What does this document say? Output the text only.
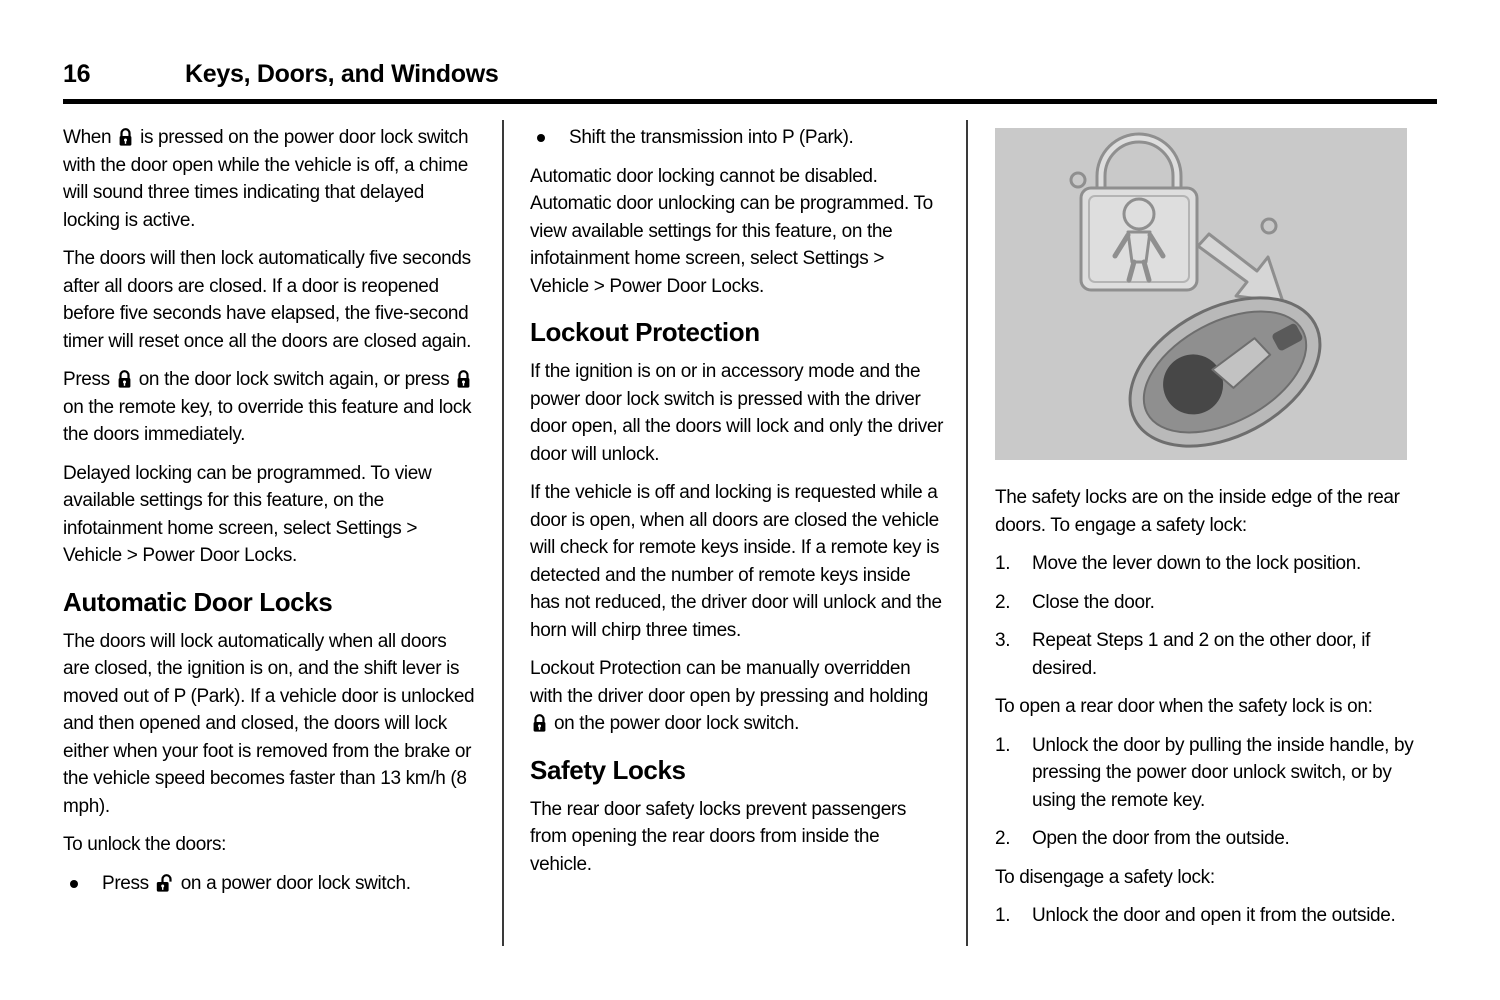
16	Keys, Doors, and Windows

When is pressed on the power door lock switch with the door open while the vehicle is off, a chime will sound three times indicating that delayed locking is active.

The doors will then lock automatically five seconds after all doors are closed. If a door is reopened before five seconds have elapsed, the five-second timer will reset once all the doors are closed again.

Press on the door lock switch again, or press  on the remote key, to override this feature and lock the doors immediately.

Delayed locking can be programmed. To view available settings for this feature, on the infotainment home screen, select Settings > Vehicle > Power Door Locks.

Automatic Door Locks

The doors will lock automatically when all doors are closed, the ignition is on, and the shift lever is moved out of P (Park). If a vehicle door is unlocked and then opened and closed, the doors will lock either when your foot is removed from the brake or the vehicle speed becomes faster than 13 km/h (8 mph).

To unlock the doors:

Press on a power door lock switch.
Shift the transmission into P (Park).

Automatic door locking cannot be disabled. Automatic door unlocking can be programmed. To view available settings for this feature, on the infotainment home screen, select Settings > Vehicle > Power Door Locks.

Lockout Protection

If the ignition is on or in accessory mode and the power door lock switch is pressed with the driver door open, all the doors will lock and only the driver door will unlock.

If the vehicle is off and locking is requested while a door is open, when all doors are closed the vehicle will check for remote keys inside. If a remote key is detected and the number of remote keys inside has not reduced, the driver door will unlock and the horn will chirp three times.

Lockout Protection can be manually overridden with the driver door open by pressing and holding  on the power door lock switch.

Safety Locks

The rear door safety locks prevent passengers from opening the rear doors from inside the vehicle.

The safety locks are on the inside edge of the rear doors. To engage a safety lock:

1.	Move the lever down to the lock position.
2.	Close the door.
3.	Repeat Steps 1 and 2 on the other door, if desired.

To open a rear door when the safety lock is on:

1.	Unlock the door by pulling the inside handle, by pressing the power door unlock switch, or by using the remote key.
2.	Open the door from the outside.

To disengage a safety lock:

1.	Unlock the door and open it from the outside.
